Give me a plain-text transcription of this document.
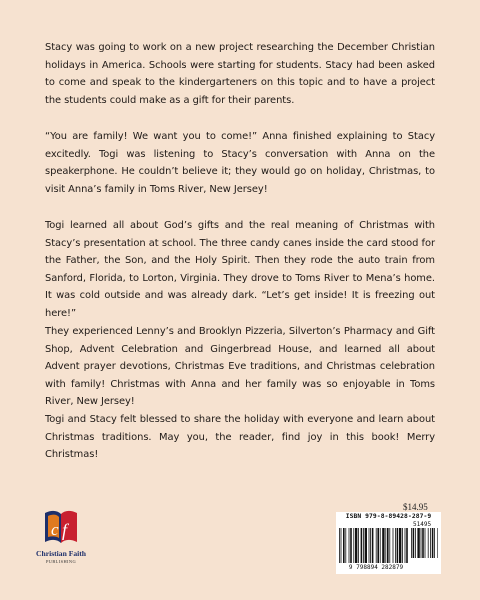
Stacy was going to work on a new project researching the December Christian holidays in America. Schools were starting for students. Stacy had been asked to come and speak to the kindergarteners on this topic and to have a project the students could make as a gift for their parents.
“You are family! We want you to come!” Anna finished explaining to Stacy excitedly. Togi was listening to Stacy’s conversation with Anna on the speakerphone. He couldn’t believe it; they would go on holiday, Christmas, to visit Anna’s family in Toms River, New Jersey!
Togi learned all about God’s gifts and the real meaning of Christmas with Stacy’s presentation at school. The three candy canes inside the card stood for the Father, the Son, and the Holy Spirit. Then they rode the auto train from Sanford, Florida, to Lorton, Virginia. They drove to Toms River to Mena’s home. It was cold outside and was already dark. “Let’s get inside! It is freezing out here!”
They experienced Lenny’s and Brooklyn Pizzeria, Silverton’s Pharmacy and Gift Shop, Advent Celebration and Gingerbread House, and learned all about Advent prayer devotions, Christmas Eve traditions, and Christmas celebration with family! Christmas with Anna and her family was so enjoyable in Toms River, New Jersey!
Togi and Stacy felt blessed to share the holiday with everyone and learn about Christmas traditions. May you, the reader, find joy in this book! Merry Christmas!
c f
Christian Faith
PUBLISHING
$14.95
ISBN 979-8-89428-287-9
51495
9 798894 282879
